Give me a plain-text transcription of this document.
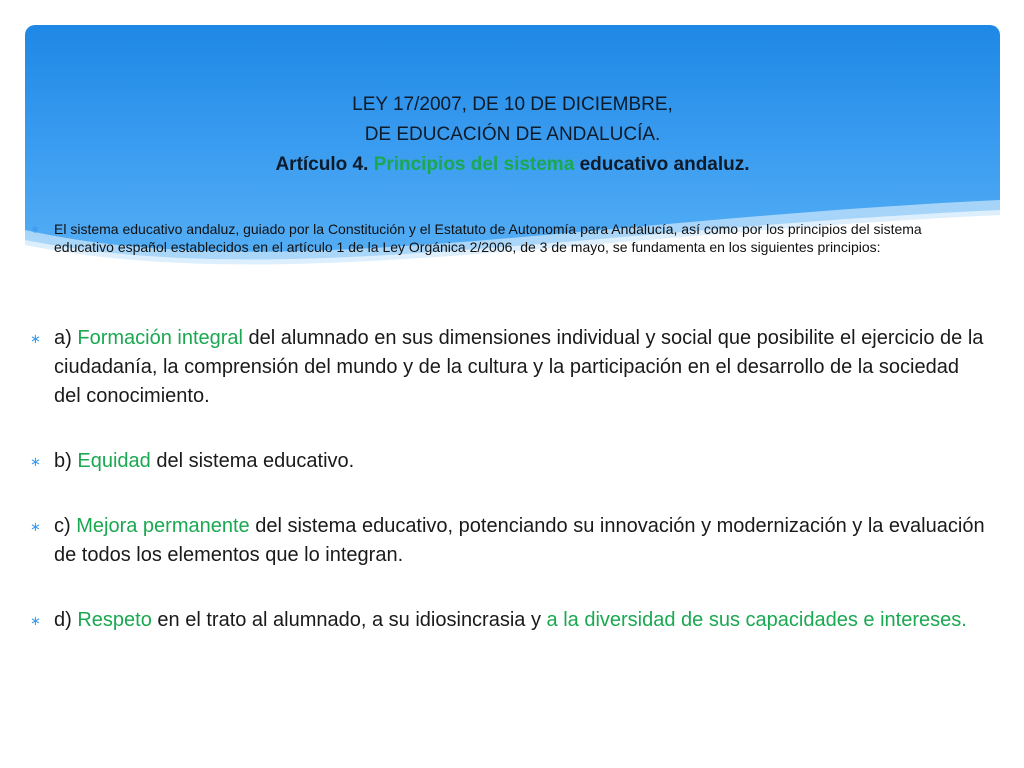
LEY 17/2007, DE 10 DE DICIEMBRE,
DE EDUCACIÓN DE ANDALUCÍA.
Artículo 4. Principios del sistema educativo andaluz.
∗ El sistema educativo andaluz, guiado por la Constitución y el Estatuto de Autonomía para Andalucía, así como por los principios del sistema educativo español establecidos en el artículo 1 de la Ley Orgánica 2/2006, de 3 de mayo, se fundamenta en los siguientes principios:
∗ a) Formación integral del alumnado en sus dimensiones individual y social que posibilite el ejercicio de la ciudadanía, la comprensión del mundo y de la cultura y la participación en el desarrollo de la sociedad del conocimiento.
∗ b) Equidad del sistema educativo.
∗ c) Mejora permanente del sistema educativo, potenciando su innovación y modernización y la evaluación de todos los elementos que lo integran.
∗ d) Respeto en el trato al alumnado, a su idiosincrasia y a la diversidad de sus capacidades e intereses.
